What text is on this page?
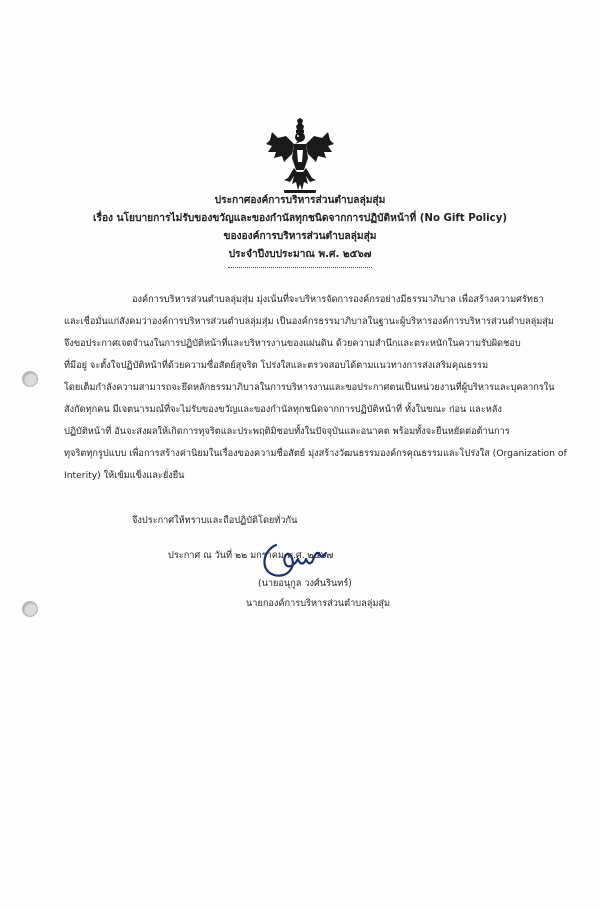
ประกาศองค์การบริหารส่วนตำบลลุ่มสุ่ม
เรื่อง นโยบายการไม่รับของขวัญและของกำนัลทุกชนิดจากการปฏิบัติหน้าที่ (No Gift Policy)
ขององค์การบริหารส่วนตำบลลุ่มสุ่ม
ประจำปีงบประมาณ พ.ศ. ๒๕๖๗
องค์การบริหารส่วนตำบลลุ่มสุ่ม มุ่งเน้นที่จะบริหารจัดการองค์กรอย่างมีธรรมาภิบาล เพื่อสร้างความศรัทธา
และเชื่อมั่นแก่สังคมว่าองค์การบริหารส่วนตำบลลุ่มสุ่ม เป็นองค์กรธรรมาภิบาลในฐานะผู้บริหารองค์การบริหารส่วนตำบลลุ่มสุ่ม
จึงขอประกาศเจตจำนงในการปฏิบัติหน้าที่และบริหารงานของแผ่นดิน ด้วยความสำนึกและตระหนักในความรับผิดชอบ
ที่มีอยู่ จะตั้งใจปฏิบัติหน้าที่ด้วยความซื่อสัตย์สุจริต โปร่งใสและตรวจสอบได้ตามแนวทางการส่งเสริมคุณธรรม
โดยเต็มกำลังความสามารถจะยึดหลักธรรมาภิบาลในการบริหารงานและขอประกาศตนเป็นหน่วยงานที่ผู้บริหารและบุคลากรใน
สังกัดทุกคน มีเจตนารมณ์ที่จะไม่รับของขวัญและของกำนัลทุกชนิดจากการปฏิบัติหน้าที่ ทั้งในขณะ ก่อน และหลัง
ปฏิบัติหน้าที่ อันจะส่งผลให้เกิดการทุจริตและประพฤติมิชอบทั้งในปัจจุบันและอนาคต พร้อมทั้งจะยืนหยัดต่อต้านการ
ทุจริตทุกรูปแบบ เพื่อการสร้างค่านิยมในเรื่องของความซื่อสัตย์ มุ่งสร้างวัฒนธรรมองค์กรคุณธรรมและโปร่งใส (Organization of
Interity) ให้เข้มแข็งและยั่งยืน
จึงประกาศให้ทราบและถือปฏิบัติโดยทั่วกัน
ประกาศ ณ วันที่ ๒๒ มกราคม พ.ศ. ๒๕๖๗
(นายอนุกูล วงศ์นรินทร์)
นายกองค์การบริหารส่วนตำบลลุ่มสุ่ม
